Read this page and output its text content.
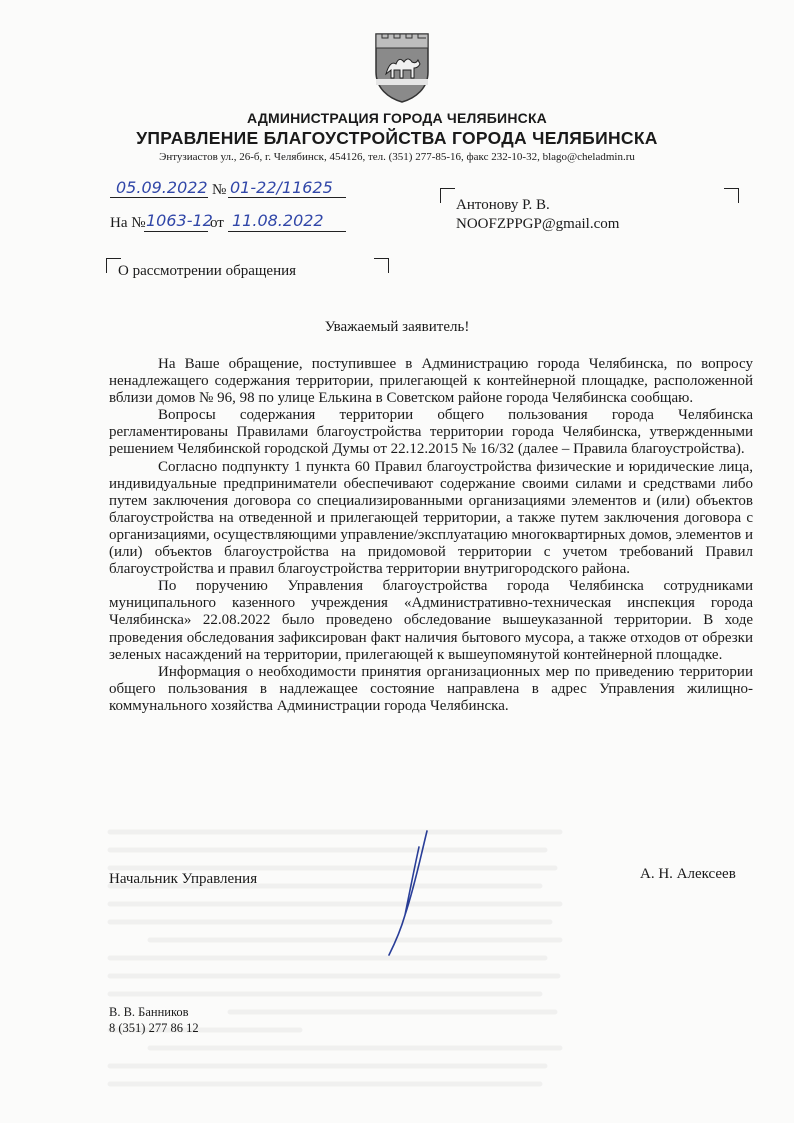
АДМИНИСТРАЦИЯ ГОРОДА ЧЕЛЯБИНСКА
УПРАВЛЕНИЕ БЛАГОУСТРОЙСТВА ГОРОДА ЧЕЛЯБИНСКА
Энтузиастов ул., 26-б, г. Челябинск, 454126, тел. (351) 277-85-16, факс 232-10-32, blago@cheladmin.ru
05.09.2022 № 01-22/11625
На № 1063-12
от 11.08.2022
Антонову Р. В.
NOOFZPPGP@gmail.com
О рассмотрении обращения
Уважаемый заявитель!

На Ваше обращение, поступившее в Администрацию города Челябинска, по вопросу ненадлежащего содержания территории, прилегающей к контейнерной площадке, расположенной вблизи домов № 96, 98 по улице Елькина в Советском районе города Челябинска сообщаю.

Вопросы содержания территории общего пользования города Челябинска регламентированы Правилами благоустройства территории города Челябинска, утвержденными решением Челябинской городской Думы от 22.12.2015 № 16/32 (далее – Правила благоустройства).

Согласно подпункту 1 пункта 60 Правил благоустройства физические и юридические лица, индивидуальные предприниматели обеспечивают содержание своими силами и средствами либо путем заключения договора со специализированными организациями элементов и (или) объектов благоустройства на отведенной и прилегающей территории, а также путем заключения договора с организациями, осуществляющими управление/эксплуатацию многоквартирных домов, элементов и (или) объектов благоустройства на придомовой территории с учетом требований Правил благоустройства и правил благоустройства территории внутригородского района.

По поручению Управления благоустройства города Челябинска сотрудниками муниципального казенного учреждения «Административно-техническая инспекция города Челябинска» 22.08.2022 было проведено обследование вышеуказанной территории. В ходе проведения обследования зафиксирован факт наличия бытового мусора, а также отходов от обрезки зеленых насаждений на территории, прилегающей к вышеупомянутой контейнерной площадке.

Информация о необходимости принятия организационных мер по приведению территории общего пользования в надлежащее состояние направлена в адрес Управления жилищно-коммунального хозяйства Администрации города Челябинска.

Начальник Управления	А. Н. Алексеев
В. В. Банников
8 (351) 277 86 12
